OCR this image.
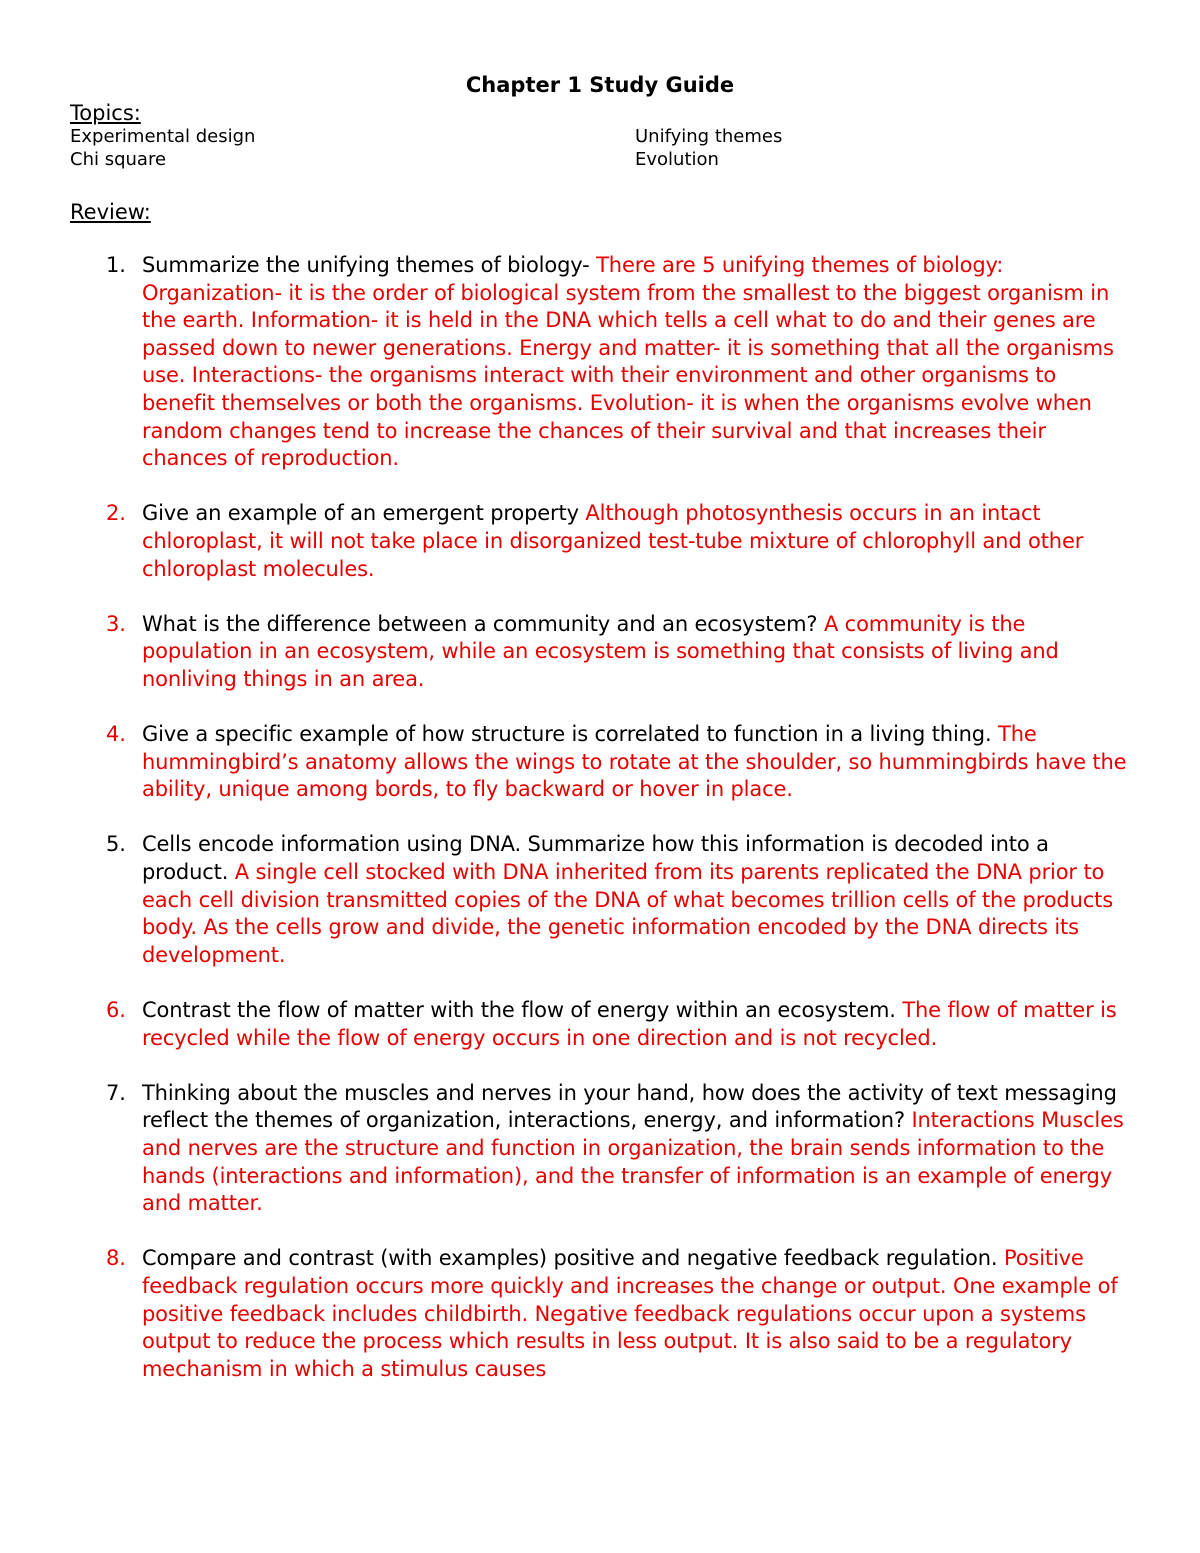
Chapter 1 Study Guide
Topics:
Experimental design
Chi square
Unifying themes
Evolution
Review:
1. Summarize the unifying themes of biology- There are 5 unifying themes of biology: Organization- it is the order of biological system from the smallest to the biggest organism in the earth. Information- it is held in the DNA which tells a cell what to do and their genes are passed down to newer generations. Energy and matter- it is something that all the organisms use. Interactions- the organisms interact with their environment and other organisms to benefit themselves or both the organisms. Evolution- it is when the organisms evolve when random changes tend to increase the chances of their survival and that increases their chances of reproduction.
2. Give an example of an emergent property Although photosynthesis occurs in an intact chloroplast, it will not take place in disorganized test-tube mixture of chlorophyll and other chloroplast molecules.
3. What is the difference between a community and an ecosystem? A community is the population in an ecosystem, while an ecosystem is something that consists of living and nonliving things in an area.
4. Give a specific example of how structure is correlated to function in a living thing. The hummingbird’s anatomy allows the wings to rotate at the shoulder, so hummingbirds have the ability, unique among bords, to fly backward or hover in place.
5. Cells encode information using DNA. Summarize how this information is decoded into a product. A single cell stocked with DNA inherited from its parents replicated the DNA prior to each cell division transmitted copies of the DNA of what becomes trillion cells of the products body. As the cells grow and divide, the genetic information encoded by the DNA directs its development.
6. Contrast the flow of matter with the flow of energy within an ecosystem. The flow of matter is recycled while the flow of energy occurs in one direction and is not recycled.
7. Thinking about the muscles and nerves in your hand, how does the activity of text messaging reflect the themes of organization, interactions, energy, and information? Interactions Muscles and nerves are the structure and function in organization, the brain sends information to the hands (interactions and information), and the transfer of information is an example of energy and matter.
8. Compare and contrast (with examples) positive and negative feedback regulation. Positive feedback regulation occurs more quickly and increases the change or output. One example of positive feedback includes childbirth. Negative feedback regulations occur upon a systems output to reduce the process which results in less output. It is also said to be a regulatory mechanism in which a stimulus causes
